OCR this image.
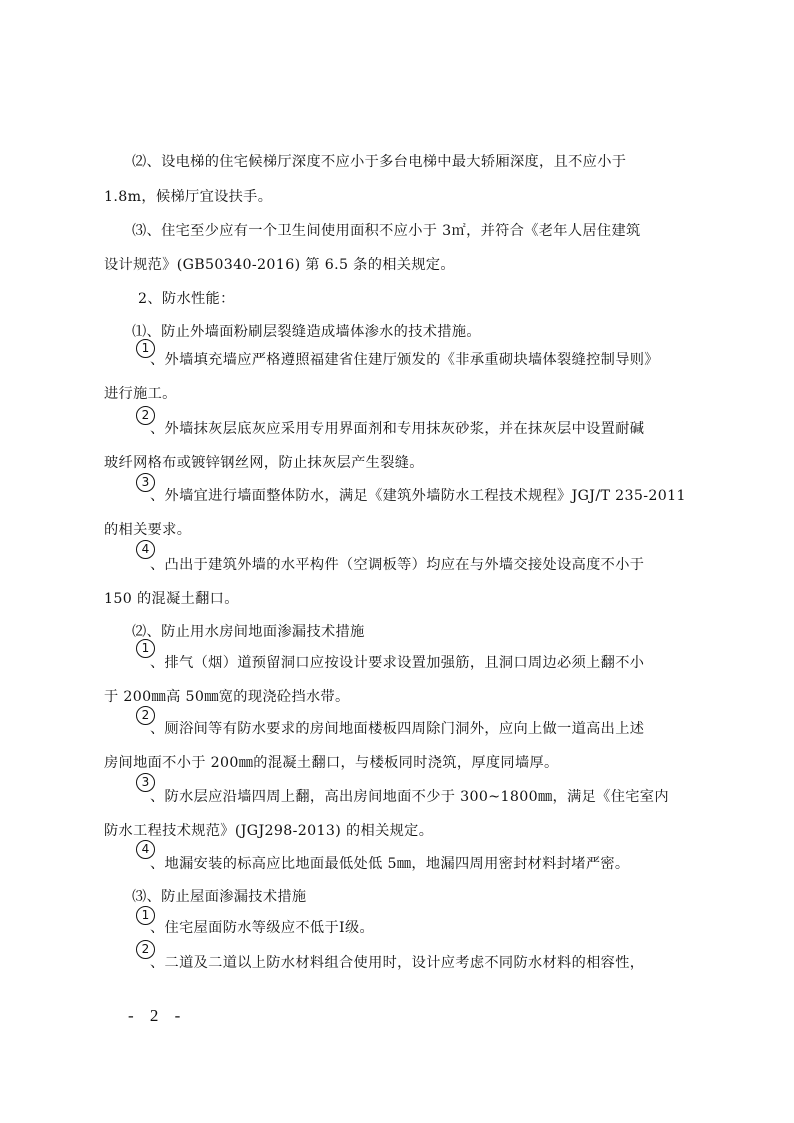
⑵、设电梯的住宅候梯厅深度不应小于多台电梯中最大轿厢深度，且不应小于
1.8m，候梯厅宜设扶手。
⑶、住宅至少应有一个卫生间使用面积不应小于 3㎡，并符合《老年人居住建筑
设计规范》(GB50340-2016) 第 6.5 条的相关规定。
2、防水性能：
⑴、防止外墙面粉刷层裂缝造成墙体渗水的技术措施。
1
、外墙填充墙应严格遵照福建省住建厅颁发的《非承重砌块墙体裂缝控制导则》
进行施工。
2
、外墙抹灰层底灰应采用专用界面剂和专用抹灰砂浆，并在抹灰层中设置耐碱
玻纤网格布或镀锌钢丝网，防止抹灰层产生裂缝。
3
、外墙宜进行墙面整体防水，满足《建筑外墙防水工程技术规程》JGJ/T 235-2011
的相关要求。
4
、凸出于建筑外墙的水平构件（空调板等）均应在与外墙交接处设高度不小于
150 的混凝土翻口。
⑵、防止用水房间地面渗漏技术措施
1
、排气（烟）道预留洞口应按设计要求设置加强筋，且洞口周边必须上翻不小
于 200㎜高 50㎜宽的现浇砼挡水带。
2
、厕浴间等有防水要求的房间地面楼板四周除门洞外，应向上做一道高出上述
房间地面不小于 200㎜的混凝土翻口，与楼板同时浇筑，厚度同墙厚。
3
、防水层应沿墙四周上翻，高出房间地面不少于 300~1800㎜，满足《住宅室内
防水工程技术规范》(JGJ298-2013) 的相关规定。
4
、地漏安装的标高应比地面最低处低 5㎜，地漏四周用密封材料封堵严密。
⑶、防止屋面渗漏技术措施
1
、住宅屋面防水等级应不低于Ⅰ级。
2
、二道及二道以上防水材料组合使用时，设计应考虑不同防水材料的相容性，
- 2 -
